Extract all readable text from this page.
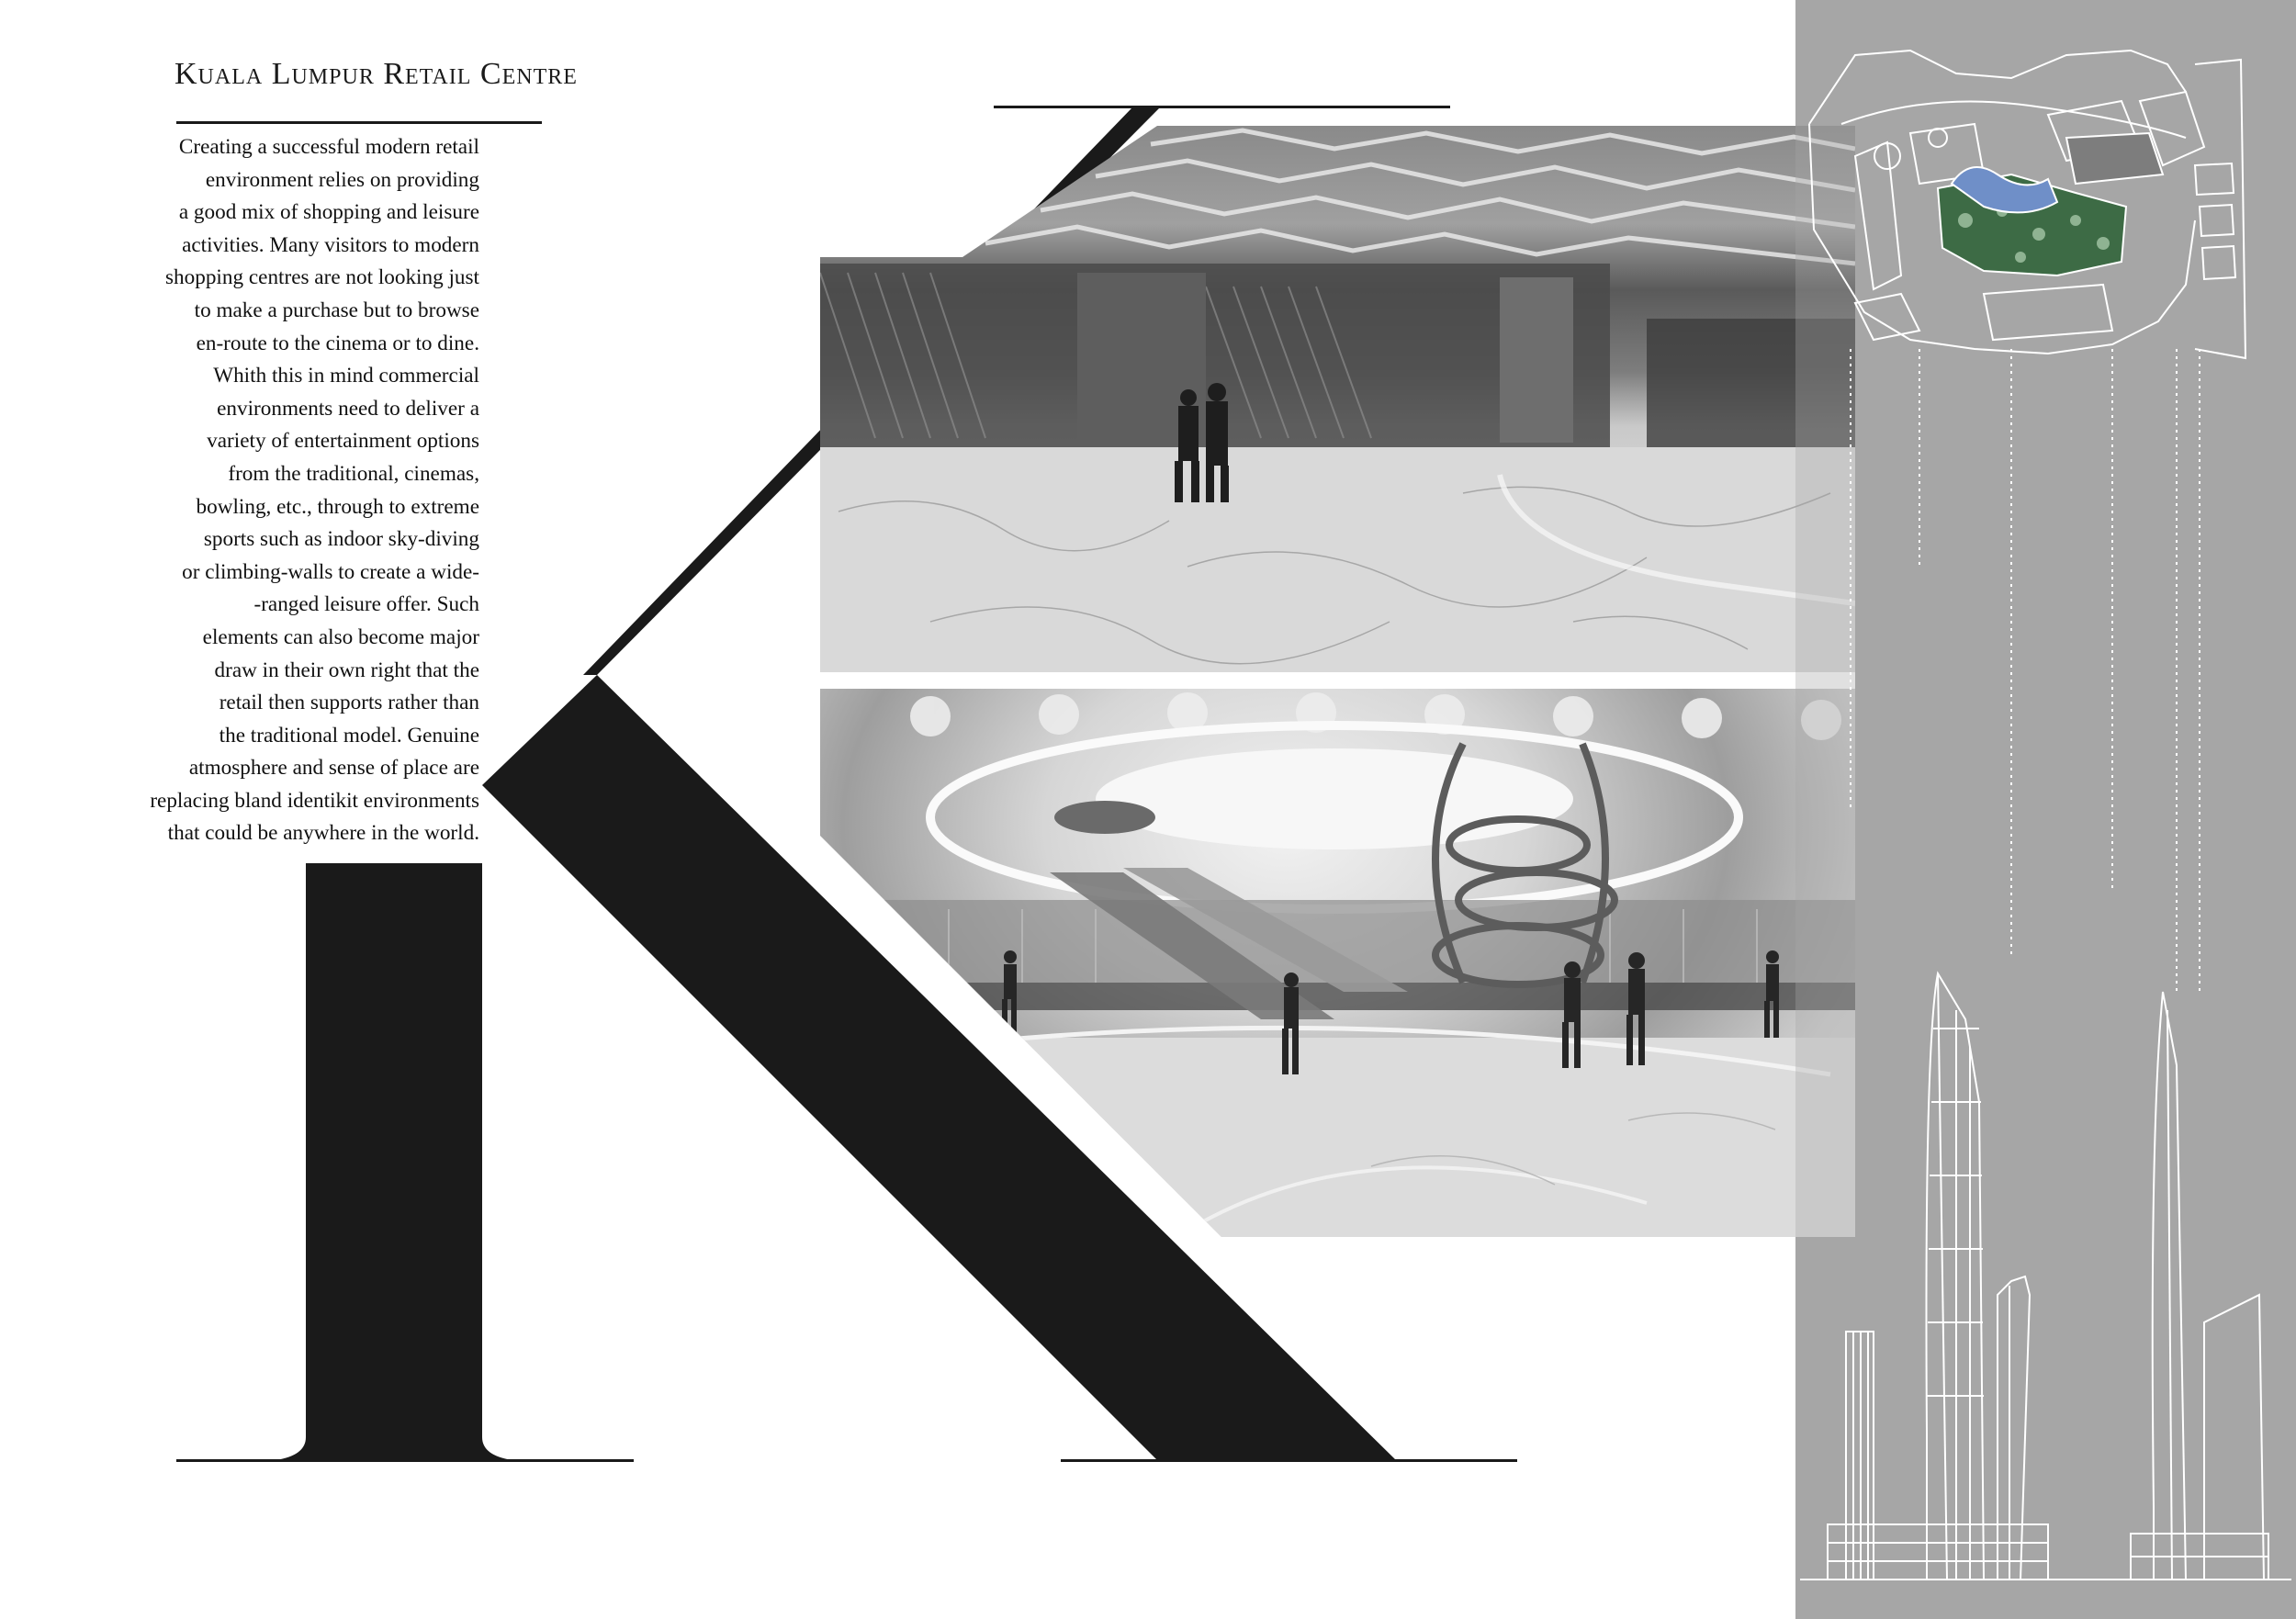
Kuala Lumpur Retail Centre
Creating a successful modern retail
environment relies on providing
a good mix of shopping and leisure
activities. Many visitors to modern
shopping centres are not looking just
to make a purchase but to browse
en-route to the cinema or to dine.
Whith this in mind commercial
environments need to deliver a
variety of entertainment options
from the traditional, cinemas,
bowling, etc., through to extreme
sports such as indoor sky-diving
or climbing-walls to create a wide-
-ranged leisure offer. Such
elements can also become major
draw in their own right that the
retail then supports rather than
the traditional model. Genuine
atmosphere and sense of place are
replacing bland identikit environments
that could be anywhere in the world.
